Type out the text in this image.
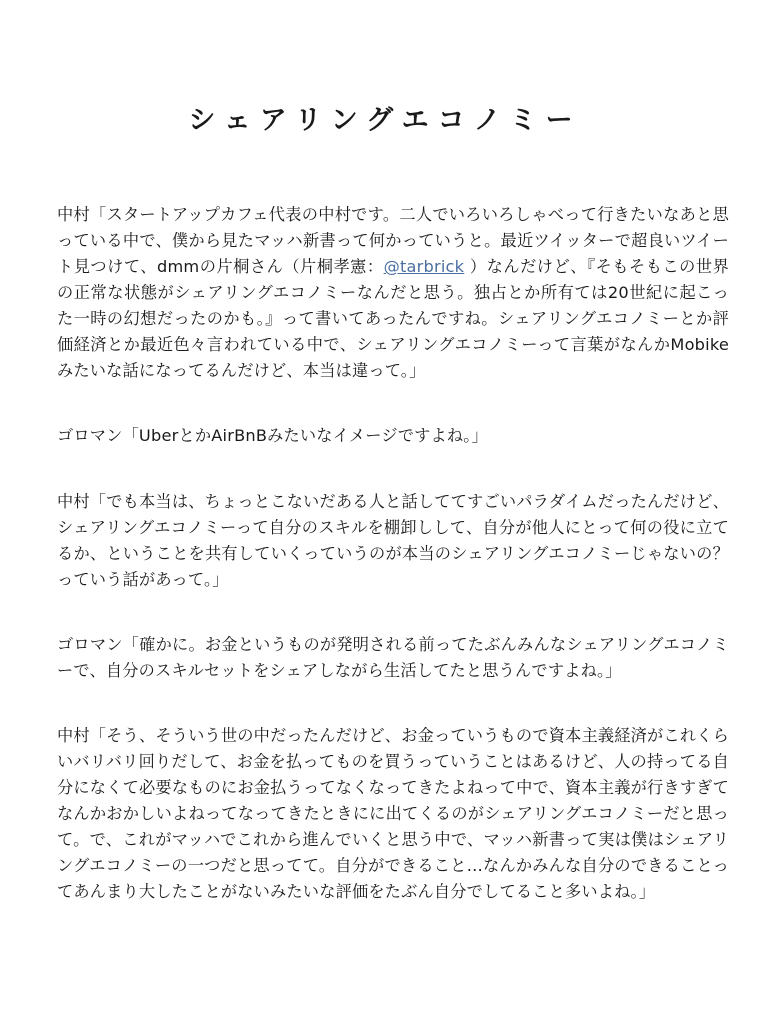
シェアリングエコノミー

中村「スタートアップカフェ代表の中村です。二人でいろいろしゃべって行きたいなあと思っている中で、僕から見たマッハ新書って何かっていうと。最近ツイッターで超良いツイート見つけて、dmmの片桐さん（片桐孝憲：@tarbrick ）なんだけど、『そもそもこの世界の正常な状態がシェアリングエコノミーなんだと思う。独占とか所有ては20世紀に起こった一時の幻想だったのかも。』って書いてあったんですね。シェアリングエコノミーとか評価経済とか最近色々言われている中で、シェアリングエコノミーって言葉がなんかMobikeみたいな話になってるんだけど、本当は違って。」

ゴロマン「UberとかAirBnBみたいなイメージですよね。」

中村「でも本当は、ちょっとこないだある人と話しててすごいパラダイムだったんだけど、シェアリングエコノミーって自分のスキルを棚卸しして、自分が他人にとって何の役に立てるか、ということを共有していくっていうのが本当のシェアリングエコノミーじゃないの？っていう話があって。」

ゴロマン「確かに。お金というものが発明される前ってたぶんみんなシェアリングエコノミーで、自分のスキルセットをシェアしながら生活してたと思うんですよね。」

中村「そう、そういう世の中だったんだけど、お金っていうもので資本主義経済がこれくらいバリバリ回りだして、お金を払ってものを買うっていうことはあるけど、人の持ってる自分になくて必要なものにお金払うってなくなってきたよねって中で、資本主義が行きすぎてなんかおかしいよねってなってきたときにに出てくるのがシェアリングエコノミーだと思って。で、これがマッハでこれから進んでいくと思う中で、マッハ新書って実は僕はシェアリングエコノミーの一つだと思ってて。自分ができること…なんかみんな自分のできることってあんまり大したことがないみたいな評価をたぶん自分でしてること多いよね。」
